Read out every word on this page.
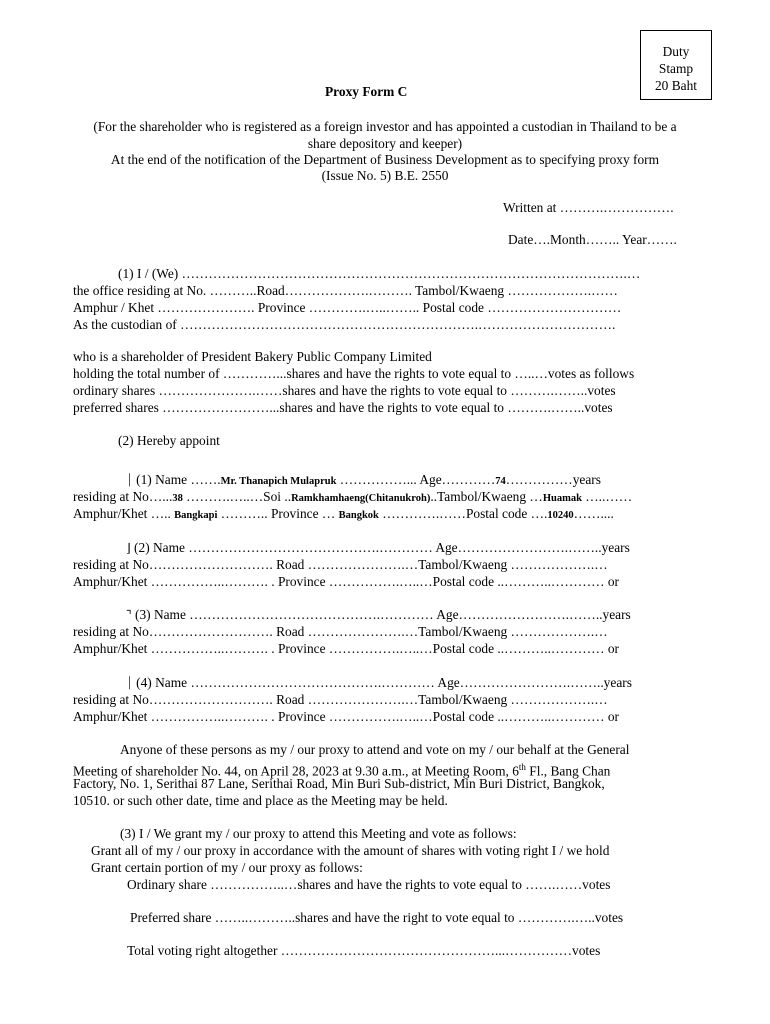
Duty
Stamp
20 Baht
Proxy Form C
(For the shareholder who is registered as a foreign investor and has appointed a custodian in Thailand to be a
share depository and keeper)
At the end of the notification of the Department of Business Development as to specifying proxy form
(Issue No. 5) B.E. 2550
Written at ……….…………….
Date….Month…….. Year…….
(1) I / (We) ……………………………………………………………………………………….…
the office residing at No. ………..Road……………….………. Tambol/Kwaeng ……………….……
Amphur / Khet …………………. Province ………….…..…….. Postal code …………………………
As the custodian of ………………………………………………………….………………………….
who is a shareholder of President Bakery Public Company Limited
holding the total number of …………...shares and have the rights to vote equal to …..…votes as follows
ordinary shares ………………….……shares and have the rights to vote equal to ……….……..votes
preferred shares ……………………...shares and have the rights to vote equal to ……….……..votes
(2) Hereby appoint
⏐ (1) Name …….Mr. Thanapich Mulapruk ……………... Age…………74……………years
residing at No…...38 ……….…..…Soi ..Ramkhamhaeng(Chitanukroh)..Tambol/Kwaeng …Huamak …..……
Amphur/Khet ….. Bangkapi ……….. Province … Bangkok ………….……Postal code ….10240……....
⌋ (2) Name …………………………………….………… Age…………………….……..years
residing at No………………………. Road ………………….…Tambol/Kwaeng ……………….…
Amphur/Khet ……………..………. . Province …………….…..…Postal code ..………..………… or
⌝ (3) Name …………………………………….………… Age…………………….……..years
residing at No………………………. Road ………………….…Tambol/Kwaeng ……………….…
Amphur/Khet ……………..………. . Province …………….…..…Postal code ..………..………… or
⏐ (4) Name …………………………………….………… Age…………………….……..years
residing at No………………………. Road ………………….…Tambol/Kwaeng ……………….…
Amphur/Khet ……………..………. . Province …………….…..…Postal code ..………..………… or
Anyone of these persons as my / our proxy to attend and vote on my / our behalf at the General
Meeting of shareholder No. 44, on April 28, 2023 at 9.30 a.m., at Meeting Room, 6th Fl., Bang Chan
Factory, No. 1, Serithai 87 Lane, Serithai Road, Min Buri Sub-district, Min Buri District, Bangkok,
10510. or such other date, time and place as the Meeting may be held.
(3) I / We grant my / our proxy to attend this Meeting and vote as follows:
Grant all of my / our proxy in accordance with the amount of shares with voting right I / we hold
Grant certain portion of my / our proxy as follows:
Ordinary share ……………..…shares and have the rights to vote equal to …….……votes
Preferred share ……..………..shares and have the right to vote equal to ………….…..votes
Total voting right altogether …………………………………………...……………votes
